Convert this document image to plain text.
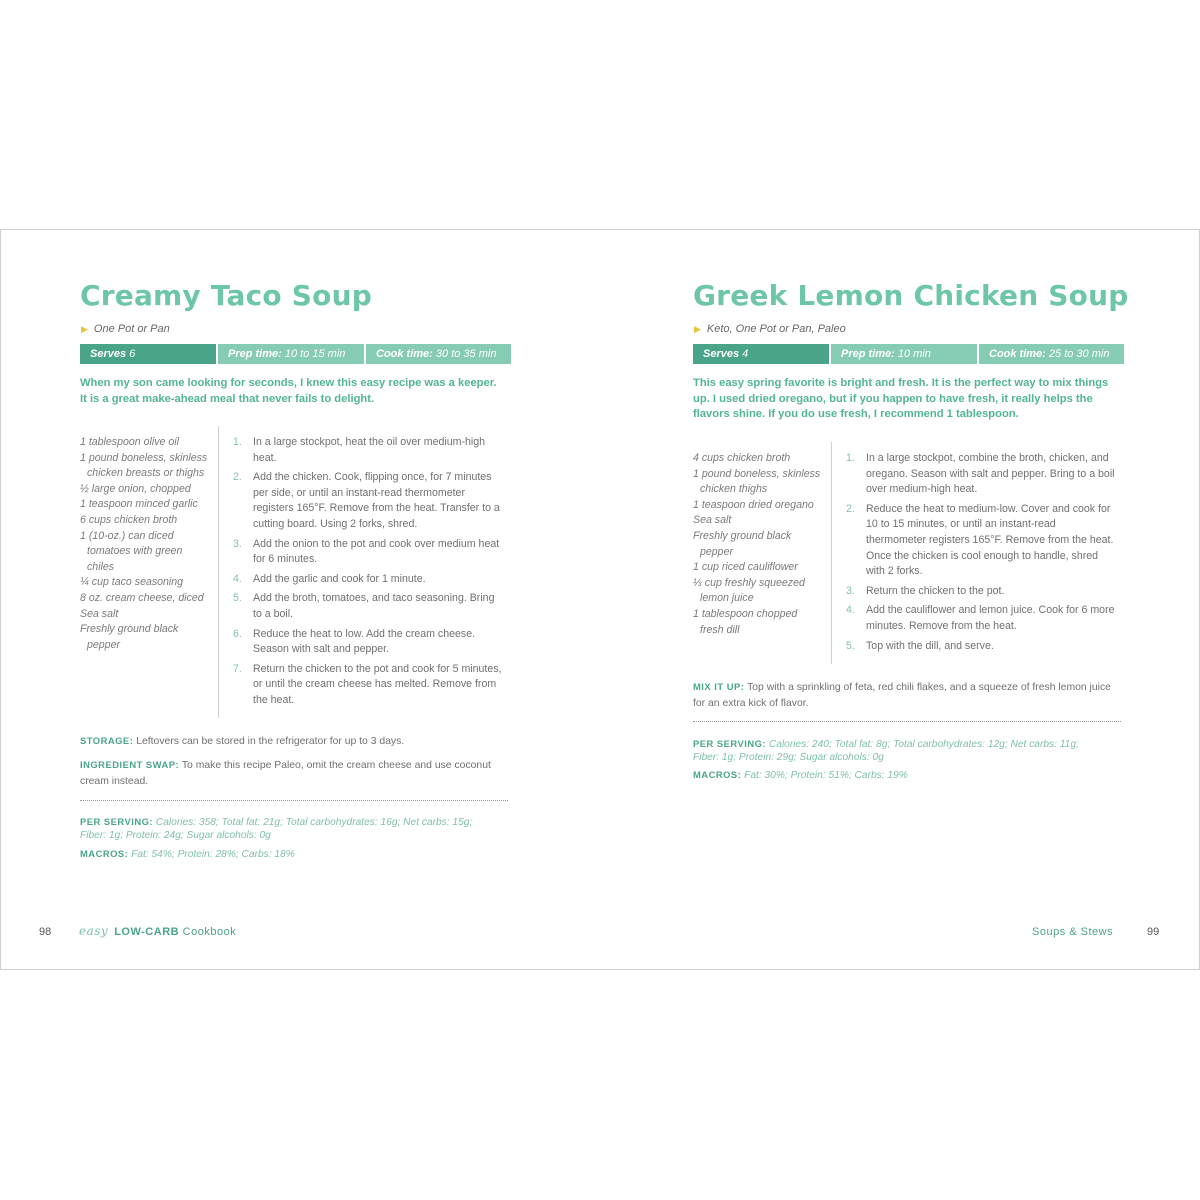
Creamy Taco Soup
▶ One Pot or Pan
Serves 6	Prep time: 10 to 15 min	Cook time: 30 to 35 min
When my son came looking for seconds, I knew this easy recipe was a keeper. It is a great make-ahead meal that never fails to delight.
1 tablespoon olive oil
1 pound boneless, skinless chicken breasts or thighs
½ large onion, chopped
1 teaspoon minced garlic
6 cups chicken broth
1 (10-oz.) can diced tomatoes with green chiles
¼ cup taco seasoning
8 oz. cream cheese, diced
Sea salt
Freshly ground black pepper
1.	In a large stockpot, heat the oil over medium-high heat.
2.	Add the chicken. Cook, flipping once, for 7 minutes per side, or until an instant-read thermometer registers 165°F. Remove from the heat. Transfer to a cutting board. Using 2 forks, shred.
3.	Add the onion to the pot and cook over medium heat for 6 minutes.
4.	Add the garlic and cook for 1 minute.
5.	Add the broth, tomatoes, and taco seasoning. Bring to a boil.
6.	Reduce the heat to low. Add the cream cheese. Season with salt and pepper.
7.	Return the chicken to the pot and cook for 5 minutes, or until the cream cheese has melted. Remove from the heat.
STORAGE: Leftovers can be stored in the refrigerator for up to 3 days.
INGREDIENT SWAP: To make this recipe Paleo, omit the cream cheese and use coconut cream instead.
PER SERVING: Calories: 358; Total fat: 21g; Total carbohydrates: 16g; Net carbs: 15g; Fiber: 1g; Protein: 24g; Sugar alcohols: 0g
MACROS: Fat: 54%; Protein: 28%; Carbs: 18%
98 easy LOW-CARB Cookbook
Greek Lemon Chicken Soup
▶ Keto, One Pot or Pan, Paleo
Serves 4	Prep time: 10 min	Cook time: 25 to 30 min
This easy spring favorite is bright and fresh. It is the perfect way to mix things up. I used dried oregano, but if you happen to have fresh, it really helps the flavors shine. If you do use fresh, I recommend 1 tablespoon.
4 cups chicken broth
1 pound boneless, skinless chicken thighs
1 teaspoon dried oregano
Sea salt
Freshly ground black pepper
1 cup riced cauliflower
⅓ cup freshly squeezed lemon juice
1 tablespoon chopped fresh dill
1.	In a large stockpot, combine the broth, chicken, and oregano. Season with salt and pepper. Bring to a boil over medium-high heat.
2.	Reduce the heat to medium-low. Cover and cook for 10 to 15 minutes, or until an instant-read thermometer registers 165°F. Remove from the heat. Once the chicken is cool enough to handle, shred with 2 forks.
3.	Return the chicken to the pot.
4.	Add the cauliflower and lemon juice. Cook for 6 more minutes. Remove from the heat.
5.	Top with the dill, and serve.
MIX IT UP: Top with a sprinkling of feta, red chili flakes, and a squeeze of fresh lemon juice for an extra kick of flavor.
PER SERVING: Calories: 240; Total fat: 8g; Total carbohydrates: 12g; Net carbs: 11g; Fiber: 1g; Protein: 29g; Sugar alcohols: 0g
MACROS: Fat: 30%; Protein: 51%; Carbs: 19%
Soups & Stews	99
